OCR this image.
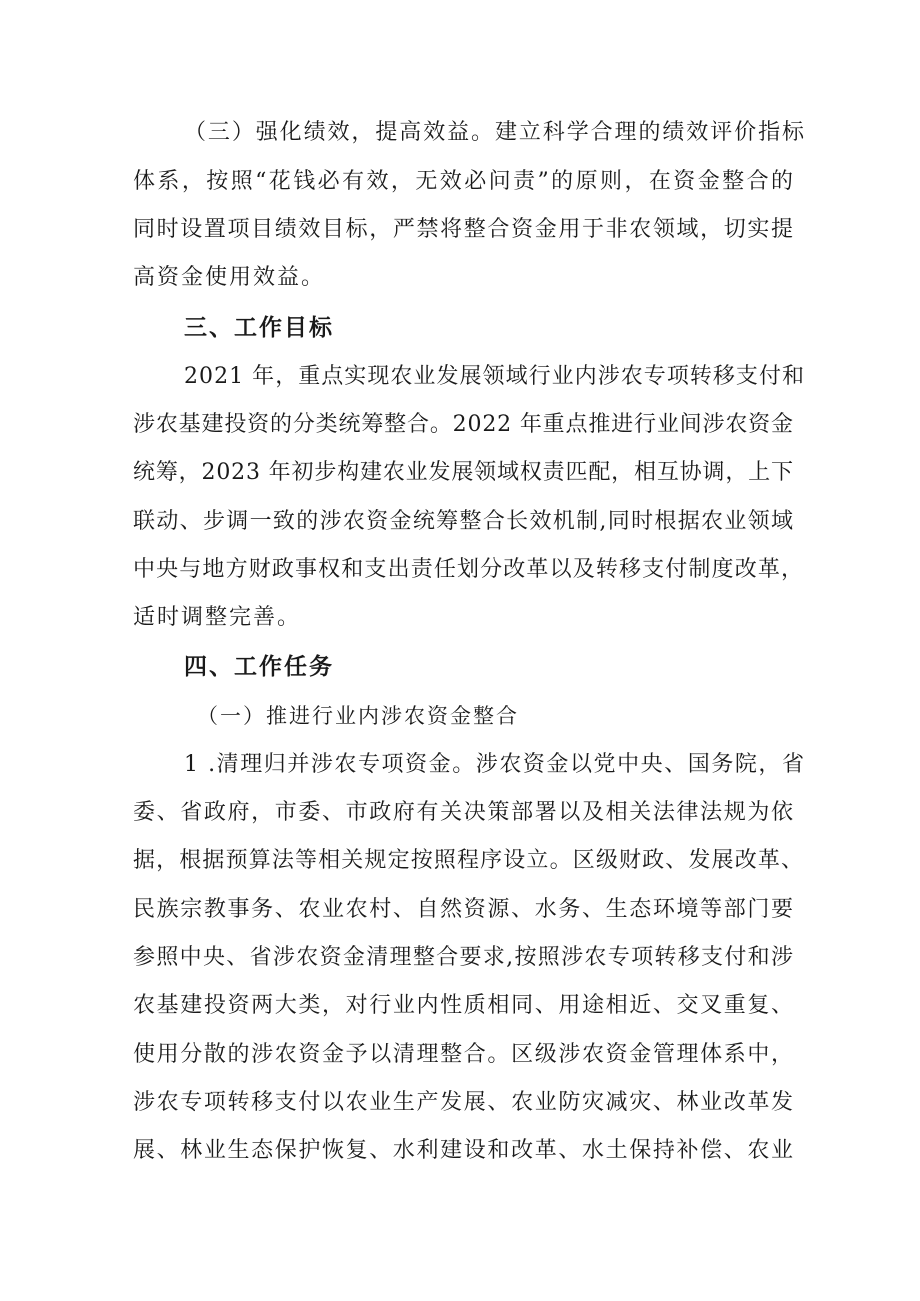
（三）强化绩效，提高效益。建立科学合理的绩效评价指标
体系，按照“花钱必有效，无效必问责”的原则，在资金整合的
同时设置项目绩效目标，严禁将整合资金用于非农领域，切实提
高资金使用效益。
三、工作目标
2021 年，重点实现农业发展领域行业内涉农专项转移支付和
涉农基建投资的分类统筹整合。2022 年重点推进行业间涉农资金
统筹，2023 年初步构建农业发展领域权责匹配，相互协调，上下
联动、步调一致的涉农资金统筹整合长效机制,同时根据农业领域
中央与地方财政事权和支出责任划分改革以及转移支付制度改革，
适时调整完善。
四、工作任务
（一）推进行业内涉农资金整合
1 .清理归并涉农专项资金。涉农资金以党中央、国务院，省
委、省政府，市委、市政府有关决策部署以及相关法律法规为依
据，根据预算法等相关规定按照程序设立。区级财政、发展改革、
民族宗教事务、农业农村、自然资源、水务、生态环境等部门要
参照中央、省涉农资金清理整合要求,按照涉农专项转移支付和涉
农基建投资两大类，对行业内性质相同、用途相近、交叉重复、
使用分散的涉农资金予以清理整合。区级涉农资金管理体系中，
涉农专项转移支付以农业生产发展、农业防灾减灾、林业改革发
展、林业生态保护恢复、水利建设和改革、水土保持补偿、农业
